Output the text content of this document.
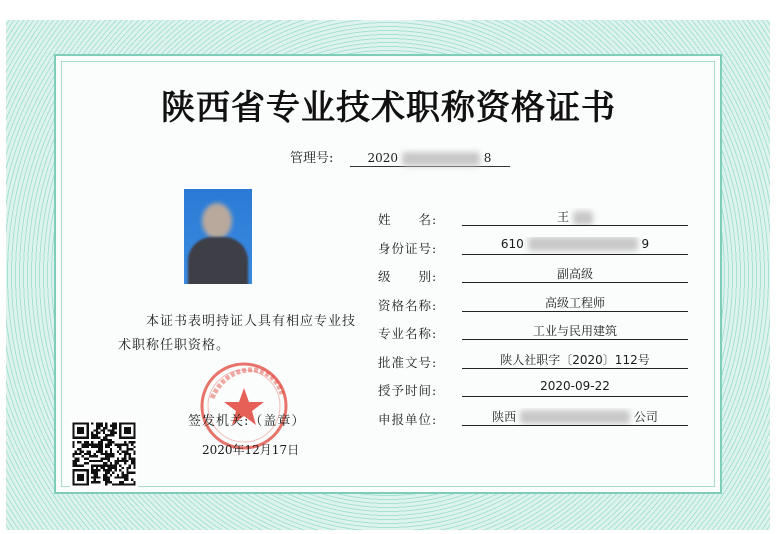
陕西省专业技术职称资格证书
管理号:	2020	8
本证书表明持证人具有相应专业技术职称任职资格。
签发机关:（盖章）
2020年12月17日
姓　　名:	王
身份证号:	610	9
级　　别:	副高级
资格名称:	高级工程师
专业名称:	工业与民用建筑
批准文号:	陕人社职字〔2020〕112号
授予时间:	2020-09-22
申报单位:	陕西	公司
